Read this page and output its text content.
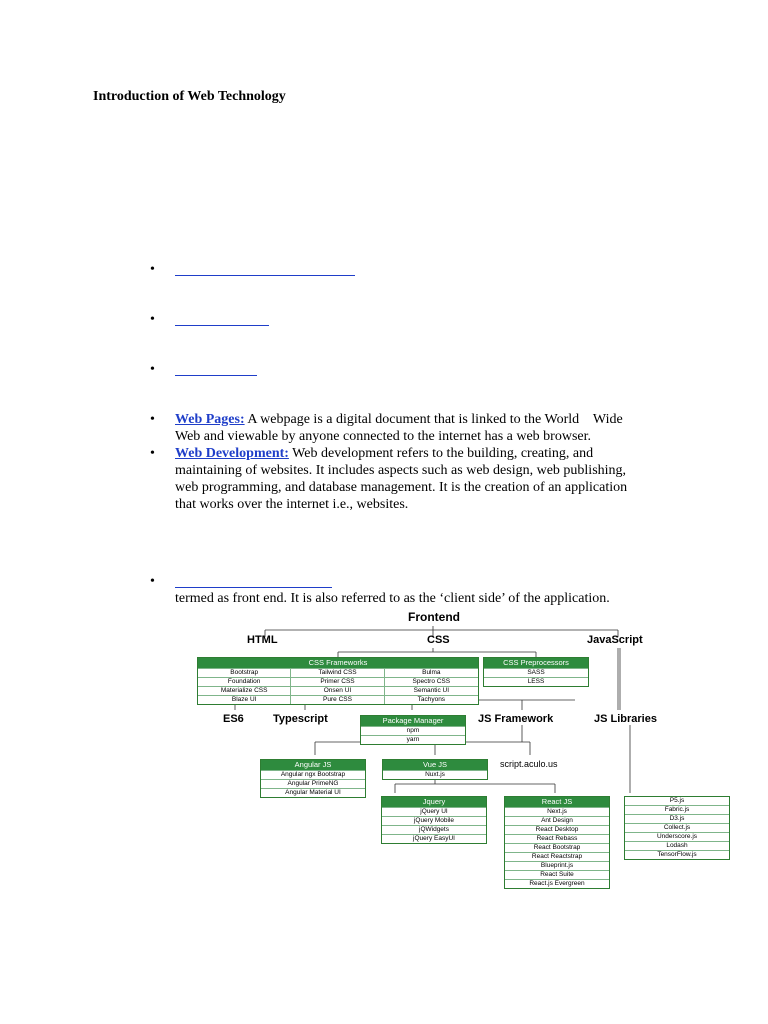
Introduction of Web Technology
•
•
•
• Web Pages: A webpage is a digital document that is linked to the World    Wide
Web and viewable by anyone connected to the internet has a web browser.
• Web Development: Web development refers to the building, creating, and
maintaining of websites. It includes aspects such as web design, web publishing,
web programming, and database management. It is the creation of an application
that works over the internet i.e., websites.
•
termed as front end. It is also referred to as the ‘client side’ of the application.
Frontend
HTML	CSS	JavaScript
CSS Frameworks
Bootstrap	Tailwind CSS	Bulma
Foundation	Primer CSS	Spectro CSS
Materialize CSS	Onsen UI	Semantic UI
Blaze UI	Pure CSS	Tachyons
CSS Preprocessors
SASS
LESS
ES6	Typescript	Package Manager
npm
yarn
JS Framework	JS Libraries
Angular JS
Angular ngx Bootstrap
Angular PrimeNG
Angular Material UI
Vue JS
Nuxt.js
script.aculo.us
Jquery
jQuery UI
jQuery Mobile
jQWidgets
jQuery EasyUI
React JS
Next.js
Ant Design
React Desktop
React Rebass
React Bootstrap
React Reactstrap
Blueprint.js
React Suite
React.js Evergreen
P5.js
Fabric.js
D3.js
Collect.js
Underscore.js
Lodash
TensorFlow.js
